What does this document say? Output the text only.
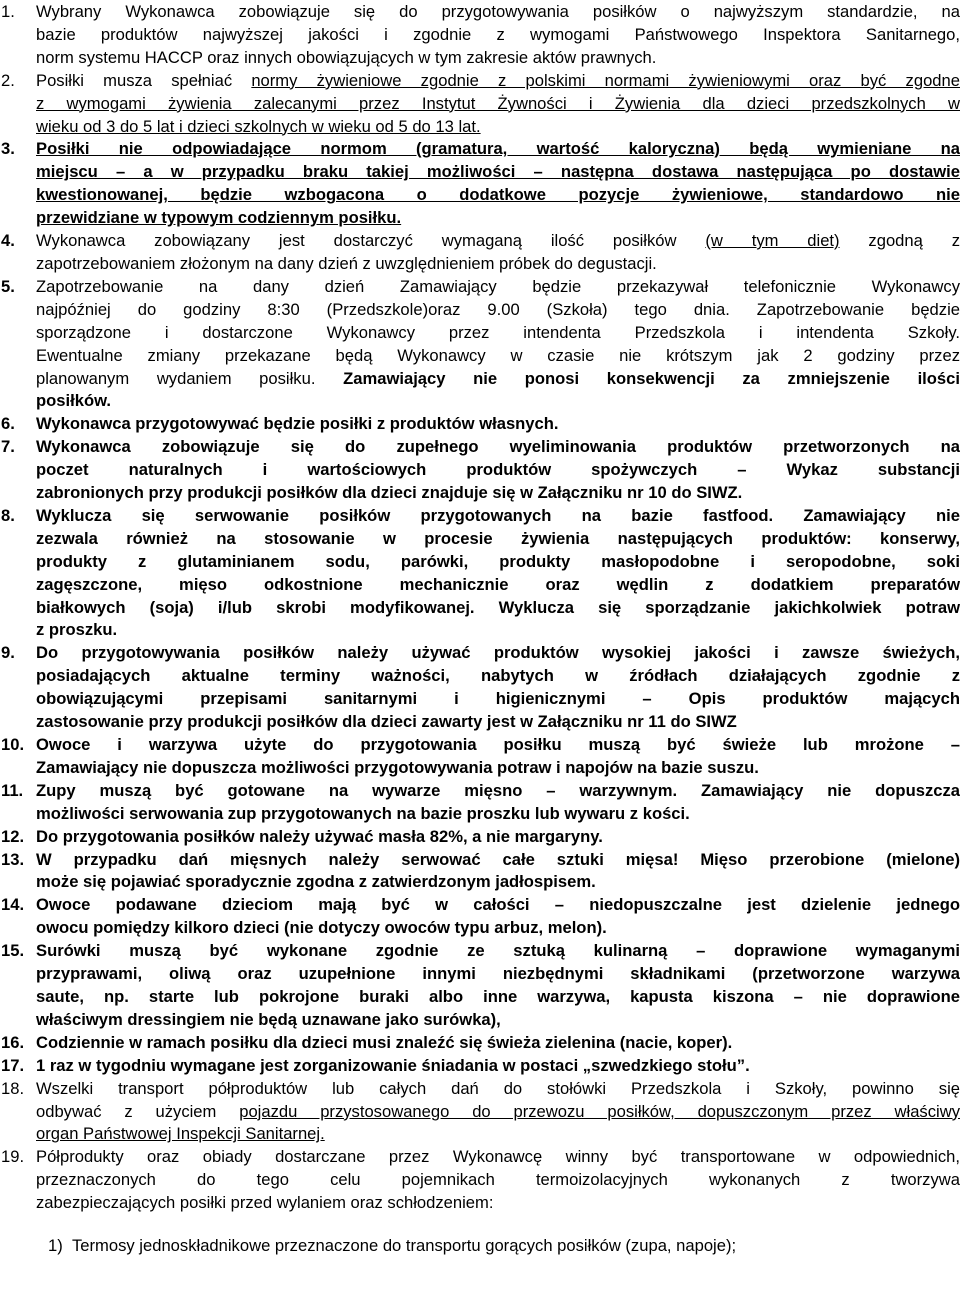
1. Wybrany Wykonawca zobowiązuje się do przygotowywania posiłków o najwyższym standardzie, na
bazie produktów najwyższej jakości i zgodnie z wymogami Państwowego Inspektora Sanitarnego,
norm systemu HACCP oraz innych obowiązujących w tym zakresie aktów prawnych.
2. Posiłki musza spełniać normy żywieniowe zgodnie z polskimi normami żywieniowymi oraz być zgodne
z wymogami żywienia zalecanymi przez Instytut Żywności i Żywienia dla dzieci przedszkolnych w
wieku od 3 do 5 lat i dzieci szkolnych w wieku od 5 do 13 lat.
3. Posiłki nie odpowiadające normom (gramatura, wartość kaloryczna) będą wymieniane na
miejscu – a w przypadku braku takiej możliwości – następna dostawa następująca po dostawie
kwestionowanej, będzie wzbogacona o dodatkowe pozycje żywieniowe, standardowo nie
przewidziane w typowym codziennym posiłku.
4. Wykonawca zobowiązany jest dostarczyć wymaganą ilość posiłków (w tym diet) zgodną z
zapotrzebowaniem złożonym na dany dzień z uwzględnieniem próbek do degustacji.
5. Zapotrzebowanie na dany dzień Zamawiający będzie przekazywał telefonicznie Wykonawcy
najpóźniej do godziny 8:30 (Przedszkole)oraz 9.00 (Szkoła) tego dnia. Zapotrzebowanie będzie
sporządzone i dostarczone Wykonawcy przez intendenta Przedszkola i intendenta Szkoły.
Ewentualne zmiany przekazane będą Wykonawcy w czasie nie krótszym jak 2 godziny przez
planowanym wydaniem posiłku. Zamawiający nie ponosi konsekwencji za zmniejszenie ilości
posiłków.
6. Wykonawca przygotowywać będzie posiłki z produktów własnych.
7. Wykonawca zobowiązuje się do zupełnego wyeliminowania produktów przetworzonych na
poczet naturalnych i wartościowych produktów spożywczych – Wykaz substancji
zabronionych przy produkcji posiłków dla dzieci znajduje się w Załączniku nr 10 do SIWZ.
8. Wyklucza się serwowanie posiłków przygotowanych na bazie fastfood. Zamawiający nie
zezwala również na stosowanie w procesie żywienia następujących produktów: konserwy,
produkty z glutaminianem sodu, parówki, produkty masłopodobne i seropodobne, soki
zagęszczone, mięso odkostnione mechanicznie oraz wędlin z dodatkiem preparatów
białkowych (soja) i/lub skrobi modyfikowanej. Wyklucza się sporządzanie jakichkolwiek potraw
z proszku.
9. Do przygotowywania posiłków należy używać produktów wysokiej jakości i zawsze świeżych,
posiadających aktualne terminy ważności, nabytych w źródłach działających zgodnie z
obowiązującymi przepisami sanitarnymi i higienicznymi – Opis produktów mających
zastosowanie przy produkcji posiłków dla dzieci zawarty jest w Załączniku nr 11 do SIWZ
10. Owoce i warzywa użyte do przygotowania posiłku muszą być świeże lub mrożone –
Zamawiający nie dopuszcza możliwości przygotowywania potraw i napojów na bazie suszu.
11. Zupy muszą być gotowane na wywarze mięsno – warzywnym. Zamawiający nie dopuszcza
możliwości serwowania zup przygotowanych na bazie proszku lub wywaru z kości.
12. Do przygotowania posiłków należy używać masła 82%, a nie margaryny.
13. W przypadku dań mięsnych należy serwować całe sztuki mięsa! Mięso przerobione (mielone)
może się pojawiać sporadycznie zgodna z zatwierdzonym jadłospisem.
14. Owoce podawane dzieciom mają być w całości – niedopuszczalne jest dzielenie jednego
owocu pomiędzy kilkoro dzieci (nie dotyczy owoców typu arbuz, melon).
15. Surówki muszą być wykonane zgodnie ze sztuką kulinarną – doprawione wymaganymi
przyprawami, oliwą oraz uzupełnione innymi niezbędnymi składnikami (przetworzone warzywa
saute, np. starte lub pokrojone buraki albo inne warzywa, kapusta kiszona – nie doprawione
właściwym dressingiem nie będą uznawane jako surówka),
16. Codziennie w ramach posiłku dla dzieci musi znaleźć się świeża zielenina (nacie, koper).
17. 1 raz w tygodniu wymagane jest zorganizowanie śniadania w postaci „szwedzkiego stołu”.
18. Wszelki transport półproduktów lub całych dań do stołówki Przedszkola i Szkoły, powinno się
odbywać z użyciem pojazdu przystosowanego do przewozu posiłków, dopuszczonym przez właściwy
organ Państwowej Inspekcji Sanitarnej.
19. Półprodukty oraz obiady dostarczane przez Wykonawcę winny być transportowane w odpowiednich,
przeznaczonych do tego celu pojemnikach termoizolacyjnych wykonanych z tworzywa
zabezpieczających posiłki przed wylaniem oraz schłodzeniem:
1) Termosy jednoskładnikowe przeznaczone do transportu gorących posiłków (zupa, napoje);
